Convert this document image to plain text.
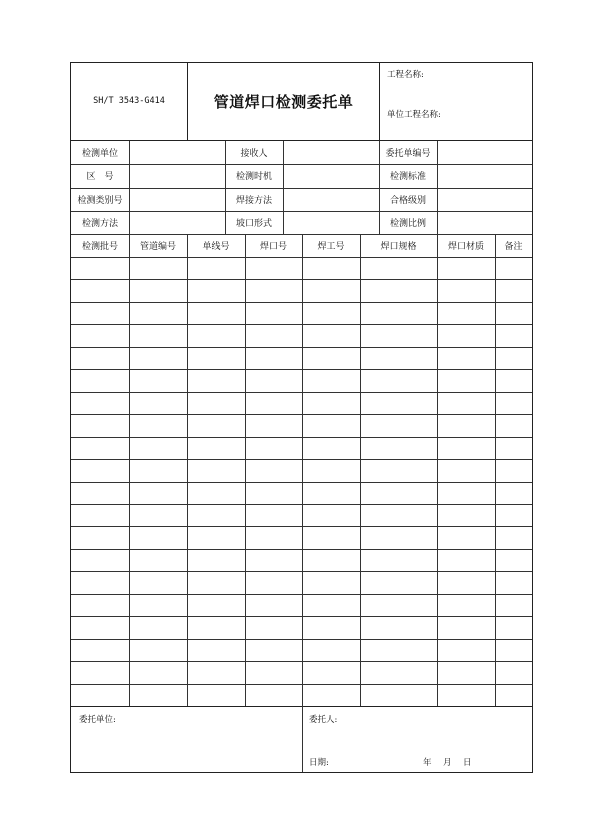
SH/T 3543-G414	管道焊口检测委托单
工程名称:
单位工程名称:
检测单位	接收人	委托单编号
区　号	检测时机	检测标准
检测类别号	焊接方法	合格级别
检测方法	坡口形式	检测比例
检测批号	管道编号	单线号	焊口号	焊工号	焊口规格	焊口材质	备注
委托单位:	委托人:
日期:	年 月 日
